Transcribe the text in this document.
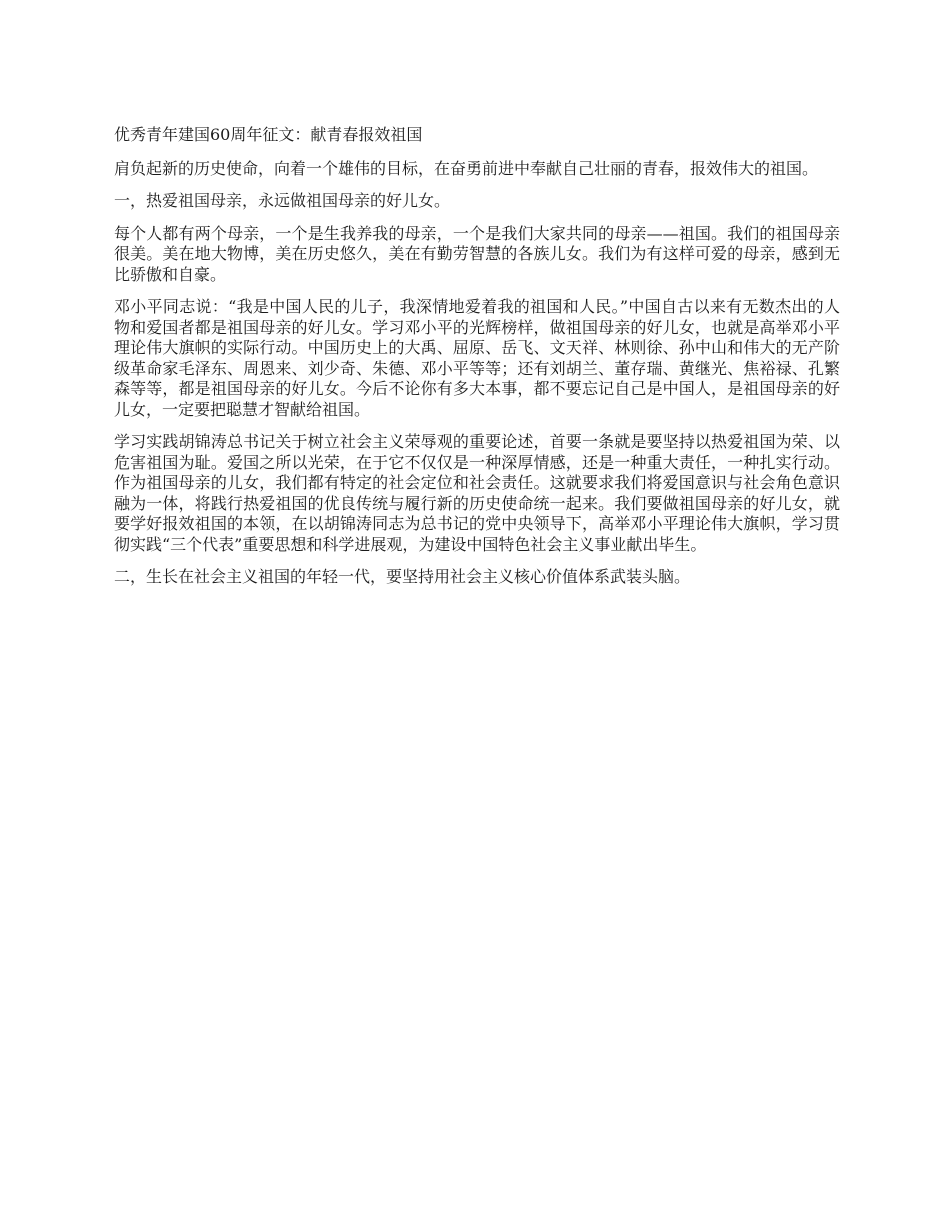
优秀青年建国60周年征文：献青春报效祖国

肩负起新的历史使命，向着一个雄伟的目标，在奋勇前进中奉献自己壮丽的青春，报效伟大的祖国。

一，热爱祖国母亲，永远做祖国母亲的好儿女。

每个人都有两个母亲，一个是生我养我的母亲，一个是我们大家共同的母亲——祖国。我们的祖国母亲很美。美在地大物博，美在历史悠久，美在有勤劳智慧的各族儿女。我们为有这样可爱的母亲，感到无比骄傲和自豪。

邓小平同志说：“我是中国人民的儿子，我深情地爱着我的祖国和人民。”中国自古以来有无数杰出的人物和爱国者都是祖国母亲的好儿女。学习邓小平的光辉榜样，做祖国母亲的好儿女，也就是高举邓小平理论伟大旗帜的实际行动。中国历史上的大禹、屈原、岳飞、文天祥、林则徐、孙中山和伟大的无产阶级革命家毛泽东、周恩来、刘少奇、朱德、邓小平等等；还有刘胡兰、董存瑞、黄继光、焦裕禄、孔繁森等等，都是祖国母亲的好儿女。今后不论你有多大本事，都不要忘记自己是中国人，是祖国母亲的好儿女，一定要把聪慧才智献给祖国。

学习实践胡锦涛总书记关于树立社会主义荣辱观的重要论述，首要一条就是要坚持以热爱祖国为荣、以危害祖国为耻。爱国之所以光荣，在于它不仅仅是一种深厚情感，还是一种重大责任，一种扎实行动。作为祖国母亲的儿女，我们都有特定的社会定位和社会责任。这就要求我们将爱国意识与社会角色意识融为一体，将践行热爱祖国的优良传统与履行新的历史使命统一起来。我们要做祖国母亲的好儿女，就要学好报效祖国的本领，在以胡锦涛同志为总书记的党中央领导下，高举邓小平理论伟大旗帜，学习贯彻实践“三个代表”重要思想和科学进展观，为建设中国特色社会主义事业献出毕生。

二，生长在社会主义祖国的年轻一代，要坚持用社会主义核心价值体系武装头脑。
